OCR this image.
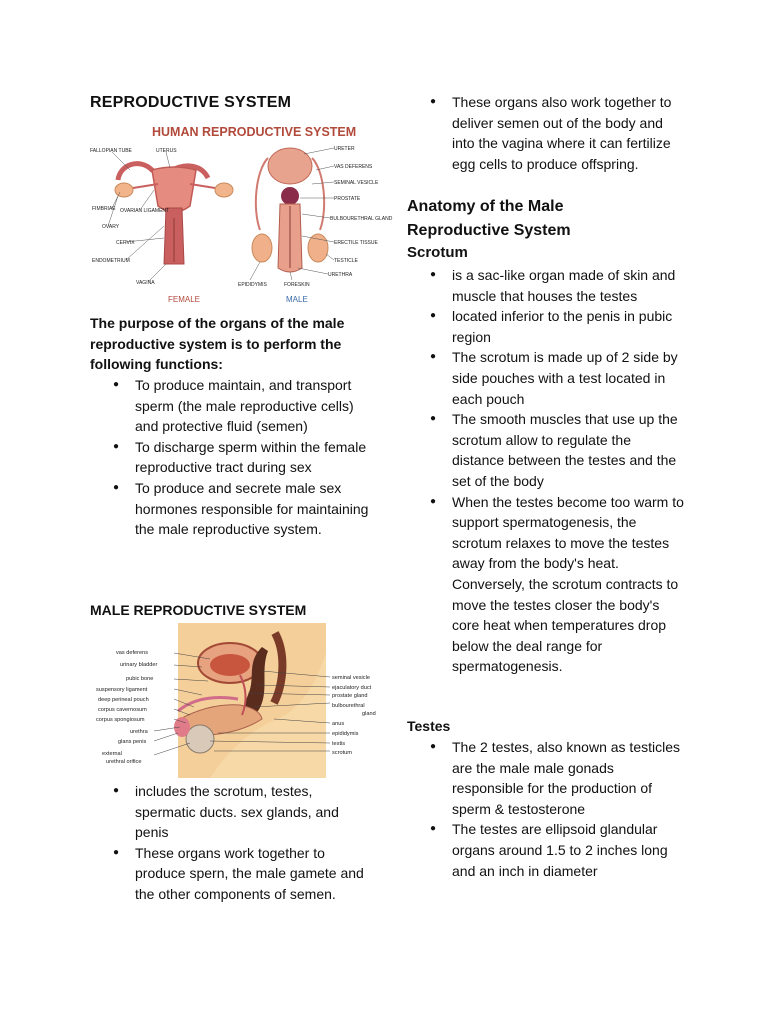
REPRODUCTIVE SYSTEM
HUMAN REPRODUCTIVE SYSTEM
FALLOPIAN TUBE	UTERUS
FIMBRIAE OVARIAN LIGAMENT
OVARY
CERVIX
ENDOMETRIUM
VAGINA
URETER
VAS DEFERENS
SEMINAL VESICLE
PROSTATE
BULBOURETHRAL GLAND
ERECTILE TISSUE
TESTICLE
URETHRA
EPIDIDYMIS	FORESKIN
FEMALE	MALE
The purpose of the organs of the male reproductive system is to perform the following functions:
● To produce maintain, and transport sperm (the male reproductive cells) and protective fluid (semen)
● To discharge sperm within the female reproductive tract during sex
● To produce and secrete male sex hormones responsible for maintaining the male reproductive system.
MALE REPRODUCTIVE SYSTEM
vas deferens
urinary bladder
pubic bone
suspensory ligament
deep perineal pouch
corpus cavernosum
corpus spongiosum
urethra
glans penis
external
urethral orifice
seminal vesicle
ejaculatory duct
prostate gland
bulbourethral
gland
anus
epididymis
testis
scrotum
● includes the scrotum, testes, spermatic ducts. sex glands, and penis
● These organs work together to produce spern, the male gamete and the other components of semen.
● These organs also work together to deliver semen out of the body and into the vagina where it can fertilize egg cells to produce offspring.
Anatomy of the Male Reproductive System
Scrotum
● is a sac-like organ made of skin and muscle that houses the testes
● located inferior to the penis in pubic region
● The scrotum is made up of 2 side by side pouches with a test located in each pouch
● The smooth muscles that use up the scrotum allow to regulate the distance between the testes and the set of the body
● When the testes become too warm to support spermatogenesis, the scrotum relaxes to move the testes away from the body's heat. Conversely, the scrotum contracts to move the testes closer the body's core heat when temperatures drop below the deal range for spermatogenesis.
Testes
● The 2 testes, also known as testicles are the male male gonads responsible for the production of sperm & testosterone
● The testes are ellipsoid glandular organs around 1.5 to 2 inches long and an inch in diameter
